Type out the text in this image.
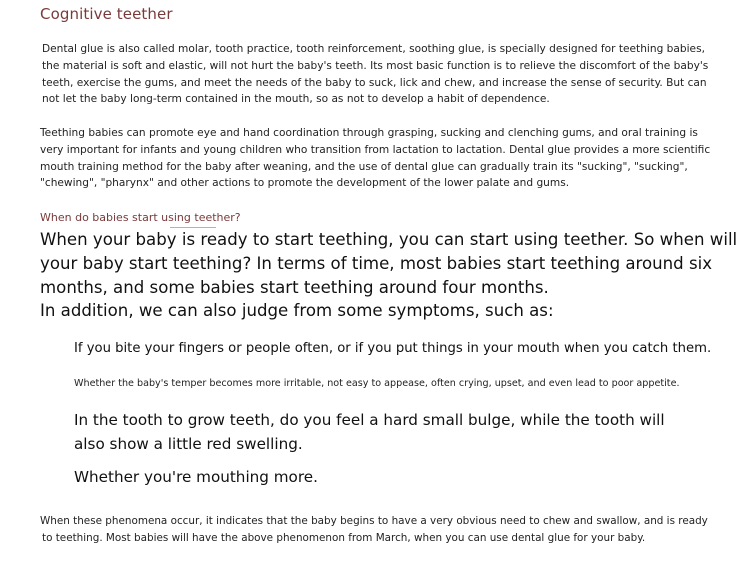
Cognitive teether
Dental glue is also called molar, tooth practice, tooth reinforcement, soothing glue, is specially designed for teething babies,
the material is soft and elastic, will not hurt the baby's teeth. Its most basic function is to relieve the discomfort of the baby's
teeth, exercise the gums, and meet the needs of the baby to suck, lick and chew, and increase the sense of security. But can
not let the baby long-term contained in the mouth, so as not to develop a habit of dependence.
Teething babies can promote eye and hand coordination through grasping, sucking and clenching gums, and oral training is
very important for infants and young children who transition from lactation to lactation. Dental glue provides a more scientific
mouth training method for the baby after weaning, and the use of dental glue can gradually train its "sucking", "sucking",
"chewing", "pharynx" and other actions to promote the development of the lower palate and gums.
When do babies start using teether?
When your baby is ready to start teething, you can start using teether. So when will
your baby start teething? In terms of time, most babies start teething around six
months, and some babies start teething around four months.
In addition, we can also judge from some symptoms, such as:
If you bite your fingers or people often, or if you put things in your mouth when you catch them.
Whether the baby's temper becomes more irritable, not easy to appease, often crying, upset, and even lead to poor appetite.
In the tooth to grow teeth, do you feel a hard small bulge, while the tooth will
also show a little red swelling.
Whether you're mouthing more.
When these phenomena occur, it indicates that the baby begins to have a very obvious need to chew and swallow, and is ready
to teething. Most babies will have the above phenomenon from March, when you can use dental glue for your baby.
